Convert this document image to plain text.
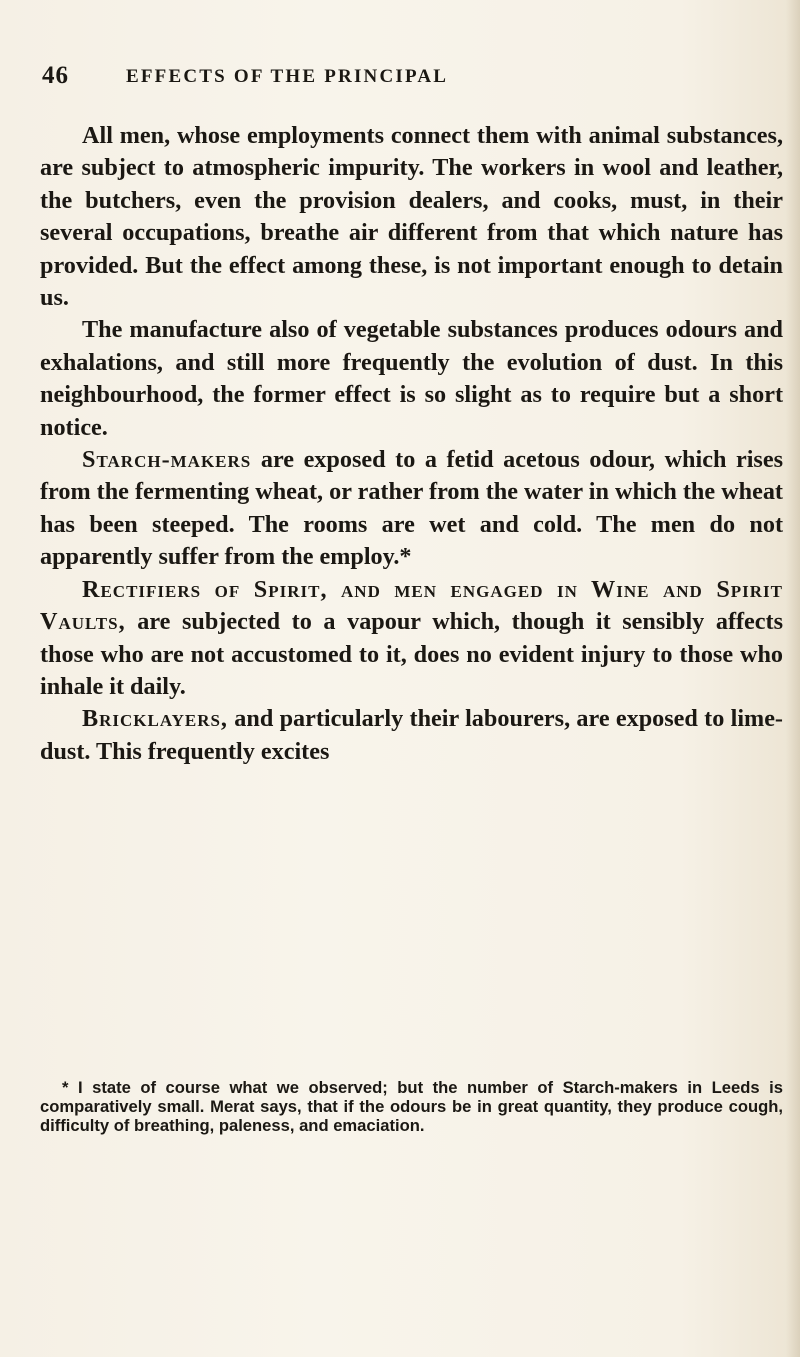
46	EFFECTS OF THE PRINCIPAL

All men, whose employments connect them with animal substances, are subject to atmospheric impurity. The workers in wool and leather, the butchers, even the provision dealers, and cooks, must, in their several occupations, breathe air different from that which nature has provided. But the effect among these, is not important enough to detain us.

The manufacture also of vegetable substances produces odours and exhalations, and still more frequently the evolution of dust. In this neighbourhood, the former effect is so slight as to require but a short notice.

Starch-makers are exposed to a fetid acetous odour, which rises from the fermenting wheat, or rather from the water in which the wheat has been steeped. The rooms are wet and cold. The men do not apparently suffer from the employ.*

Rectifiers of Spirit, and men engaged in Wine and Spirit Vaults, are subjected to a vapour which, though it sensibly affects those who are not accustomed to it, does no evident injury to those who inhale it daily.

Bricklayers, and particularly their labourers, are exposed to lime-dust. This frequently excites

* I state of course what we observed; but the number of Starch-makers in Leeds is comparatively small. Merat says, that if the odours be in great quantity, they produce cough, difficulty of breathing, paleness, and emaciation.
